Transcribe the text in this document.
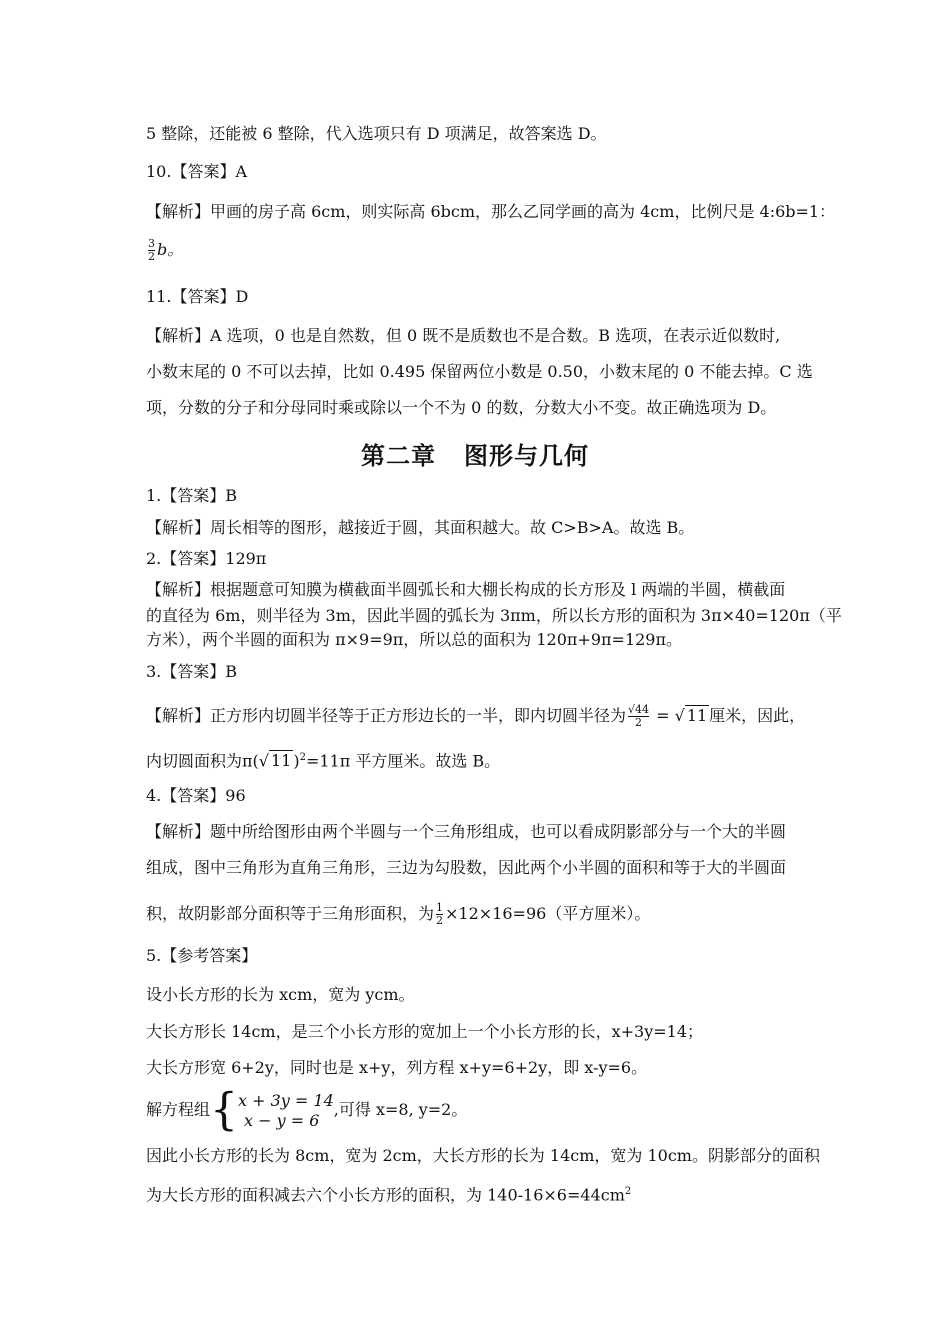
5 整除，还能被 6 整除，代入选项只有 D 项满足，故答案选 D。
10.【答案】A
【解析】甲画的房子高 6cm，则实际高 6bcm，那么乙同学画的高为 4cm，比例尺是 4:6b=1：
$\frac{3}{2}$ b。
11.【答案】D
【解析】A 选项，0 也是自然数，但 0 既不是质数也不是合数。B 选项，在表示近似数时,
小数末尾的 0 不可以去掉，比如 0.495 保留两位小数是 0.50，小数末尾的 0 不能去掉。C 选
项，分数的分子和分母同时乘或除以一个不为 0 的数，分数大小不变。故正确选项为 D。
第二章 图形与几何
1.【答案】B
【解析】周长相等的图形，越接近于圆，其面积越大。故 C>B>A。故选 B。
2.【答案】129π
【解析】根据题意可知膜为横截面半圆弧长和大棚长构成的长方形及 l 两端的半圆，横截面
的直径为 6m，则半径为 3m，因此半圆的弧长为 3πm，所以长方形的面积为 3π×40=120π（平
方米），两个半圆的面积为 π×9=9π，所以总的面积为 120π+9π=129π。
3.【答案】B
【解析】正方形内切圆半径等于正方形边长的一半，即内切圆半径为 $\frac{√44}{2}$ = √ 11 厘米，因此，
内切圆面积为π(√ 11 )$^2$=11π 平方厘米。故选 B。
4.【答案】96
【解析】题中所给图形由两个半圆与一个三角形组成，也可以看成阴影部分与一个大的半圆
组成，图中三角形为直角三角形，三边为勾股数，因此两个小半圆的面积和等于大的半圆面
积，故阴影部分面积等于三角形面积，为 $\frac{1}{2} \times 12\times 16=96$（平方厘米）。
5.【参考答案】
设小长方形的长为 xcm，宽为 ycm。
大长方形长 14cm，是三个小长方形的宽加上一个小长方形的长，x+3y=14；
大长方形宽 6+2y，同时也是 x+y，列方程 x+y=6+2y，即 x-y=6。
解方程组{ x + 3y = 14
x − y = 6
,可得 x=8, y=2。
因此小长方形的长为 8cm，宽为 2cm，大长方形的长为 14cm，宽为 10cm。阴影部分的面积
为大长方形的面积减去六个小长方形的面积，为 $140-16\times 6=44cm^2$
